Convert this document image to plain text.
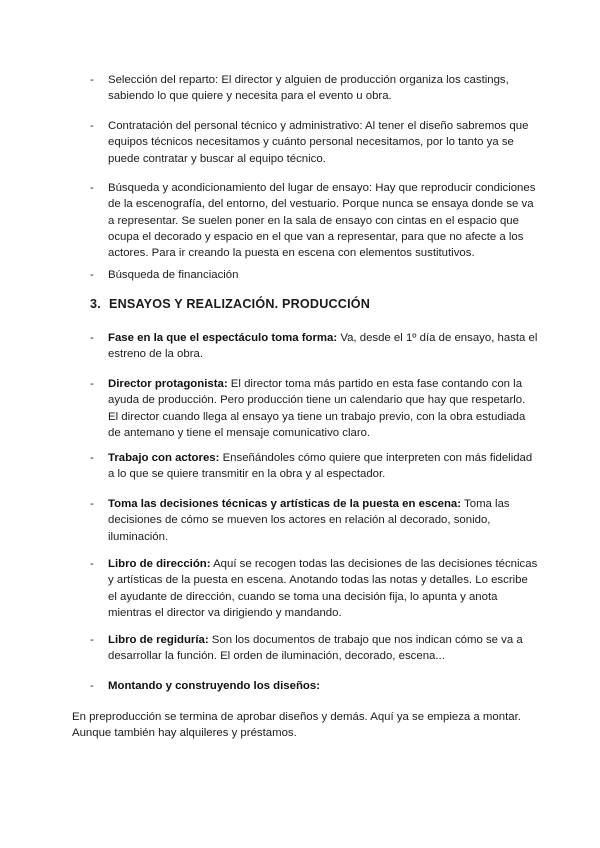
- Selección del reparto: El director y alguien de producción organiza los castings,

sabiendo lo que quiere y necesita para el evento u obra.

- Contratación del personal técnico y administrativo: Al tener el diseño sabremos que

equipos técnicos necesitamos y cuánto personal necesitamos, por lo tanto ya se

puede contratar y buscar al equipo técnico.

- Búsqueda y acondicionamiento del lugar de ensayo: Hay que reproducir condiciones

de la escenografía, del entorno, del vestuario. Porque nunca se ensaya donde se va

a representar. Se suelen poner en la sala de ensayo con cintas en el espacio que

ocupa el decorado y espacio en el que van a representar, para que no afecte a los

actores. Para ir creando la puesta en escena con elementos sustitutivos.

- Búsqueda de financiación

3. ENSAYOS Y REALIZACIÓN. PRODUCCIÓN
- Fase en la que el espectáculo toma forma: Va, desde el 1º día de ensayo, hasta el

estreno de la obra.

- Director protagonista: El director toma más partido en esta fase contando con la

ayuda de producción. Pero producción tiene un calendario que hay que respetarlo.

El director cuando llega al ensayo ya tiene un trabajo previo, con la obra estudiada

de antemano y tiene el mensaje comunicativo claro.

- Trabajo con actores: Enseñándoles cómo quiere que interpreten con más fidelidad

a lo que se quiere transmitir en la obra y al espectador.

- Toma las decisiones técnicas y artísticas de la puesta en escena: Toma las

decisiones de cómo se mueven los actores en relación al decorado, sonido,

iluminación.

- Libro de dirección: Aquí se recogen todas las decisiones de las decisiones técnicas

y artísticas de la puesta en escena. Anotando todas las notas y detalles. Lo escribe

el ayudante de dirección, cuando se toma una decisión fija, lo apunta y anota

mientras el director va dirigiendo y mandando.

- Libro de regiduría: Son los documentos de trabajo que nos indican cómo se va a

desarrollar la función. El orden de iluminación, decorado, escena...

- Montando y construyendo los diseños:

En preproducción se termina de aprobar diseños y demás. Aquí ya se empieza a montar.

Aunque también hay alquileres y préstamos.
